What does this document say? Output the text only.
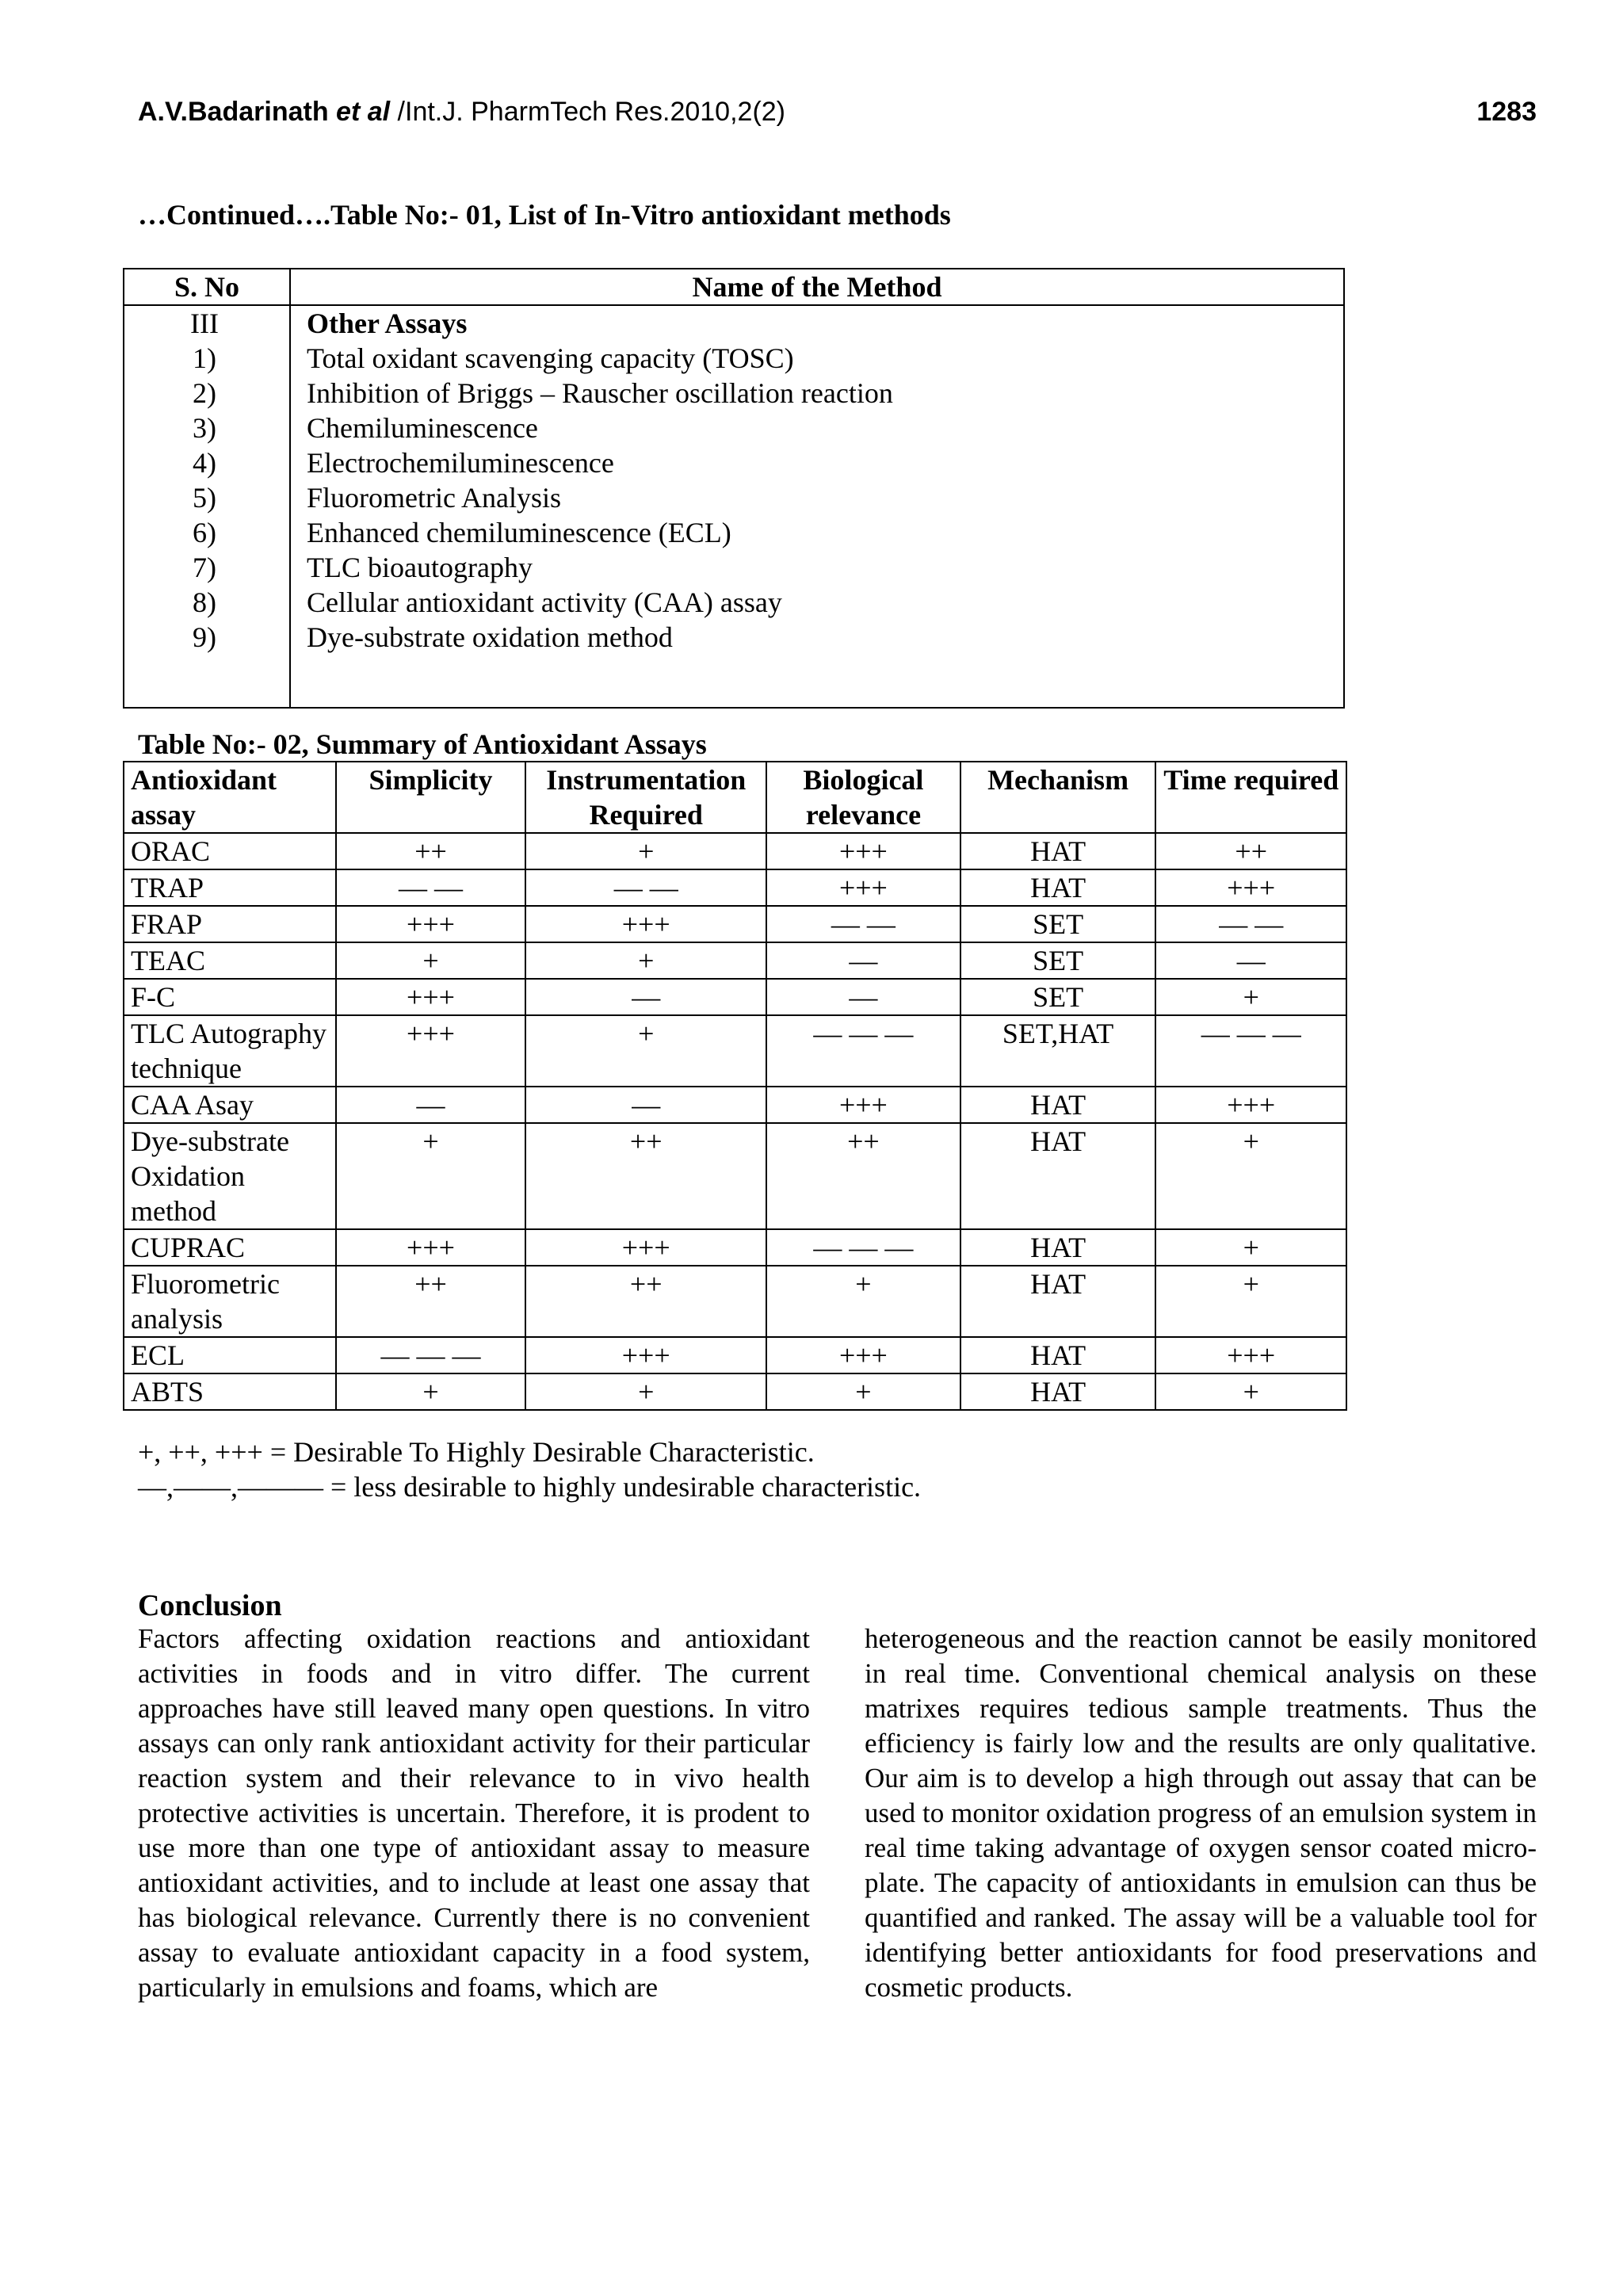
A.V.Badarinath et al /Int.J. PharmTech Res.2010,2(2)	1283
…Continued….Table No:- 01, List of In-Vitro antioxidant methods
S. No	Name of the Method
III	Other Assays
1)	Total oxidant scavenging capacity (TOSC)
2)	Inhibition of Briggs – Rauscher oscillation reaction
3)	Chemiluminescence
4)	Electrochemiluminescence
5)	Fluorometric Analysis
6)	Enhanced chemiluminescence (ECL)
7)	TLC bioautography
8)	Cellular antioxidant activity (CAA) assay
9)	Dye-substrate oxidation method

Table No:- 02, Summary of Antioxidant Assays
Antioxidant assay	Simplicity	Instrumentation Required	Biological relevance	Mechanism	Time required
ORAC	++	+	+++	HAT	++
TRAP	— —	— —	+++	HAT	+++
FRAP	+++	+++	— —	SET	— —
TEAC	+	+	—	SET	—
F-C	+++	—	—	SET	+
TLC Autography technique	+++	+	— — —	SET,HAT	— — —
CAA Asay	—	—	+++	HAT	+++
Dye-substrate Oxidation method	+	++	++	HAT	+
CUPRAC	+++	+++	— — —	HAT	+
Fluorometric analysis	++	++	+	HAT	+
ECL	— — —	+++	+++	HAT	+++
ABTS	+	+	+	HAT	+
+, ++, +++ = Desirable To Highly Desirable Characteristic.
—,——,——— = less desirable to highly undesirable characteristic.
Conclusion

Factors affecting oxidation reactions and antioxidant activities in foods and in vitro differ. The current approaches have still leaved many open questions. In vitro assays can only rank antioxidant activity for their particular reaction system and their relevance to in vivo health protective activities is uncertain. Therefore, it is prodent to use more than one type of antioxidant assay to measure antioxidant activities, and to include at least one assay that has biological relevance. Currently there is no convenient assay to evaluate antioxidant capacity in a food system, particularly in emulsions and foams, which are

heterogeneous and the reaction cannot be easily monitored in real time. Conventional chemical analysis on these matrixes requires tedious sample treatments. Thus the efficiency is fairly low and the results are only qualitative. Our aim is to develop a high through out assay that can be used to monitor oxidation progress of an emulsion system in real time taking advantage of oxygen sensor coated micro-plate. The capacity of antioxidants in emulsion can thus be quantified and ranked. The assay will be a valuable tool for identifying better antioxidants for food preservations and cosmetic products.
